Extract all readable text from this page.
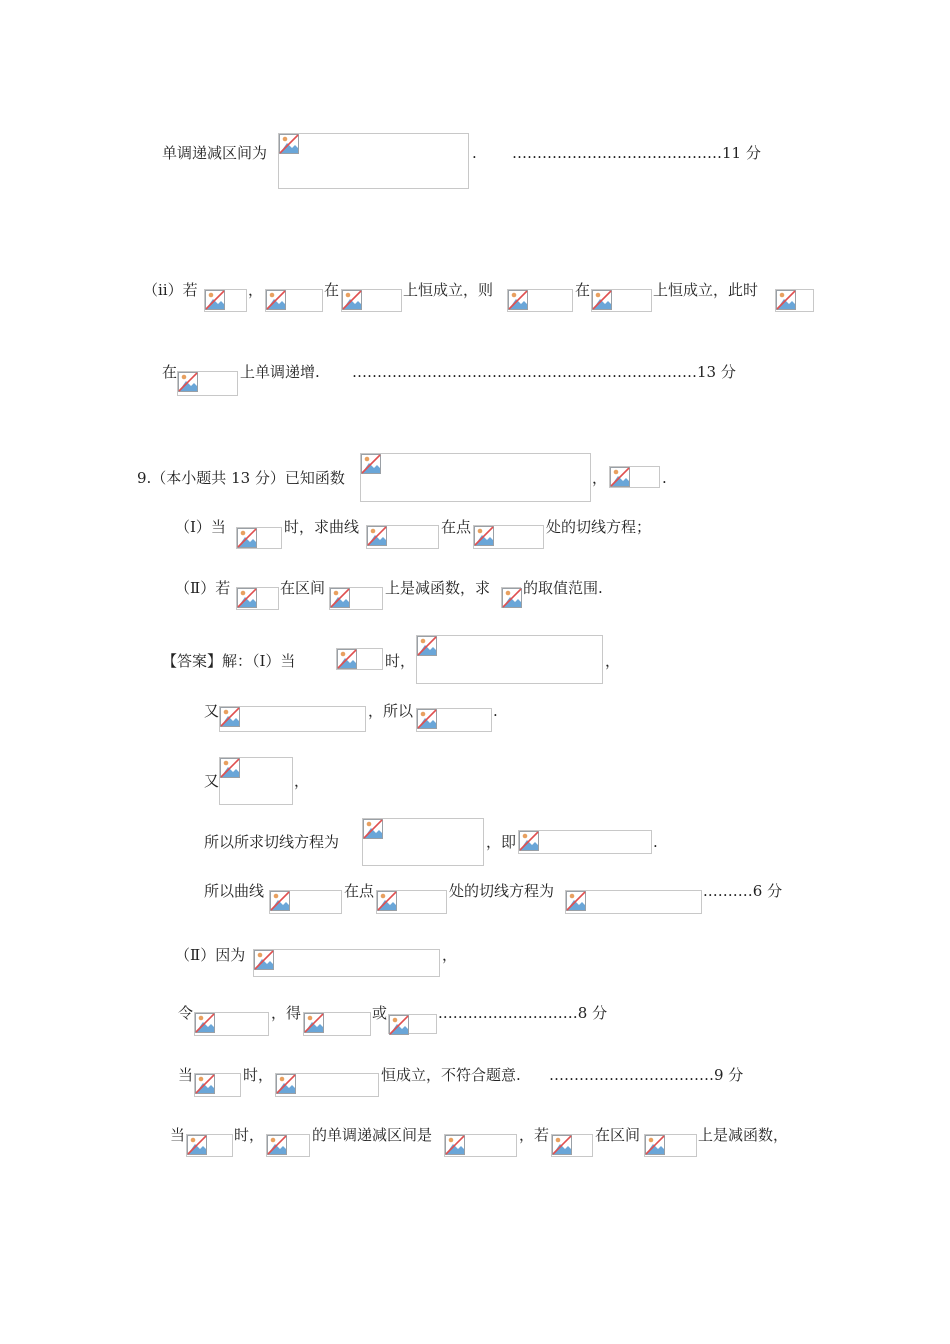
单调递减区间为	. ……………………………………11 分
（ⅱ）若	，	在	上恒成立，则	在	上恒成立，此时
在	上单调递增. ……………………………………………………………13 分
9.（本小题共 13 分）已知函数	，	.
（Ⅰ）当	时，求曲线	在点	处的切线方程；
（Ⅱ）若	在区间	上是减函数，求 的取值范围.
【答案】解：（Ⅰ）当	时，	，
又	，所以	.
又	，
所以所求切线方程为	，即	.
所以曲线	在点	处的切线方程为	.………6 分
（Ⅱ）因为	，
令	，得	或	.………………………8 分
当	时，	恒成立，不符合题意. ……………………………9 分
当	时，	的单调递减区间是	，若	在区间	上是减函数，
